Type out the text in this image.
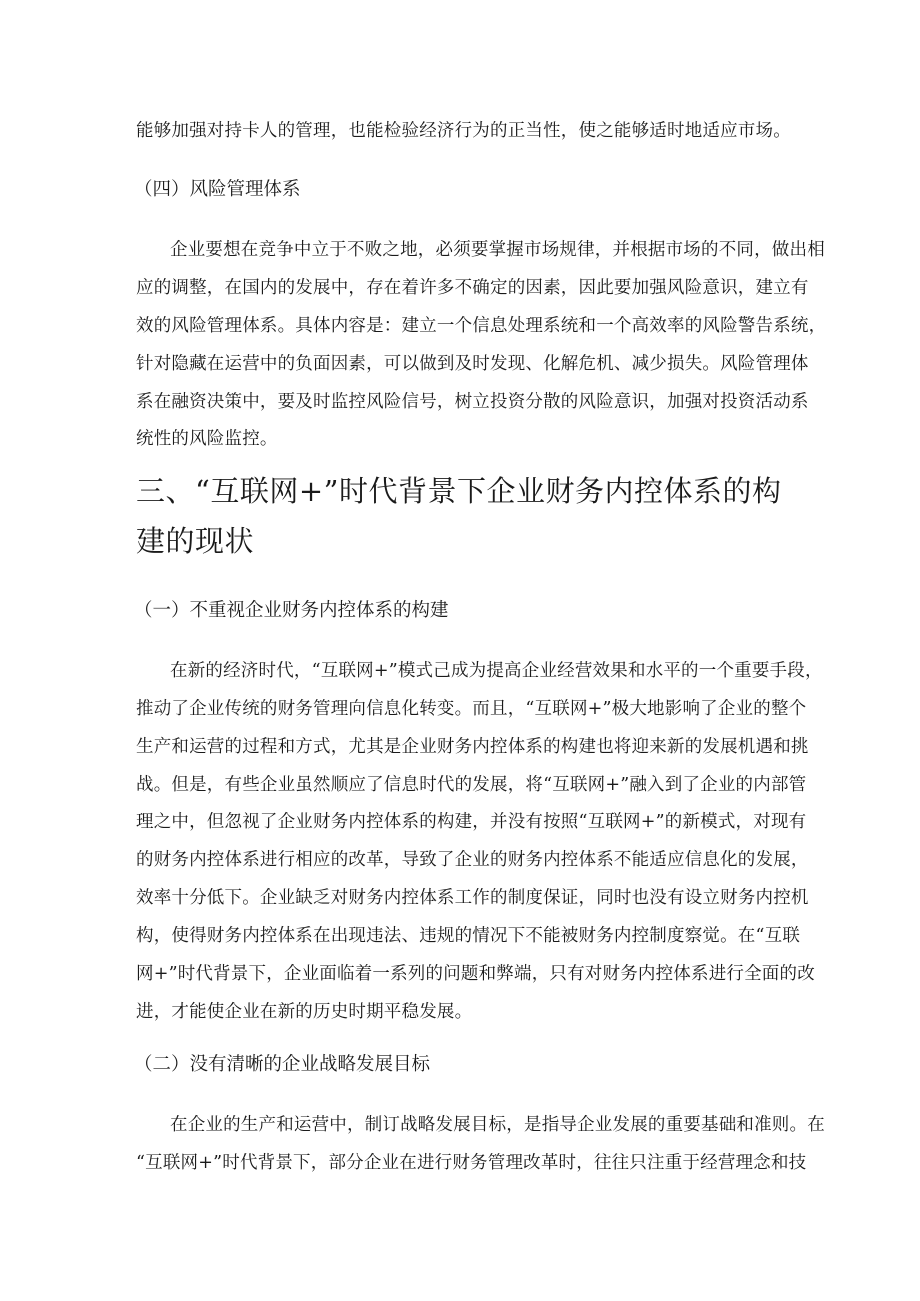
能够加强对持卡人的管理，也能检验经济行为的正当性，使之能够适时地适应市场。
（四）风险管理体系
企业要想在竞争中立于不败之地，必须要掌握市场规律，并根据市场的不同，做出相
应的调整，在国内的发展中，存在着许多不确定的因素，因此要加强风险意识，建立有
效的风险管理体系。具体内容是：建立一个信息处理系统和一个高效率的风险警告系统，
针对隐藏在运营中的负面因素，可以做到及时发现、化解危机、减少损失。风险管理体
系在融资决策中，要及时监控风险信号，树立投资分散的风险意识，加强对投资活动系
统性的风险监控。
三、“互联网+”时代背景下企业财务内控体系的构
建的现状
（一）不重视企业财务内控体系的构建
在新的经济时代，“互联网+”模式己成为提高企业经营效果和水平的一个重要手段，
推动了企业传统的财务管理向信息化转变。而且，“互联网+”极大地影响了企业的整个
生产和运营的过程和方式，尤其是企业财务内控体系的构建也将迎来新的发展机遇和挑
战。但是，有些企业虽然顺应了信息时代的发展，将“互联网+”融入到了企业的内部管
理之中，但忽视了企业财务内控体系的构建，并没有按照“互联网+”的新模式，对现有
的财务内控体系进行相应的改革，导致了企业的财务内控体系不能适应信息化的发展，
效率十分低下。企业缺乏对财务内控体系工作的制度保证，同时也没有设立财务内控机
构，使得财务内控体系在出现违法、违规的情况下不能被财务内控制度察觉。在“互联
网+”时代背景下，企业面临着一系列的问题和弊端，只有对财务内控体系进行全面的改
进，才能使企业在新的历史时期平稳发展。
（二）没有清晰的企业战略发展目标
在企业的生产和运营中，制订战略发展目标，是指导企业发展的重要基础和准则。在
“互联网+”时代背景下，部分企业在进行财务管理改革时，往往只注重于经营理念和技
